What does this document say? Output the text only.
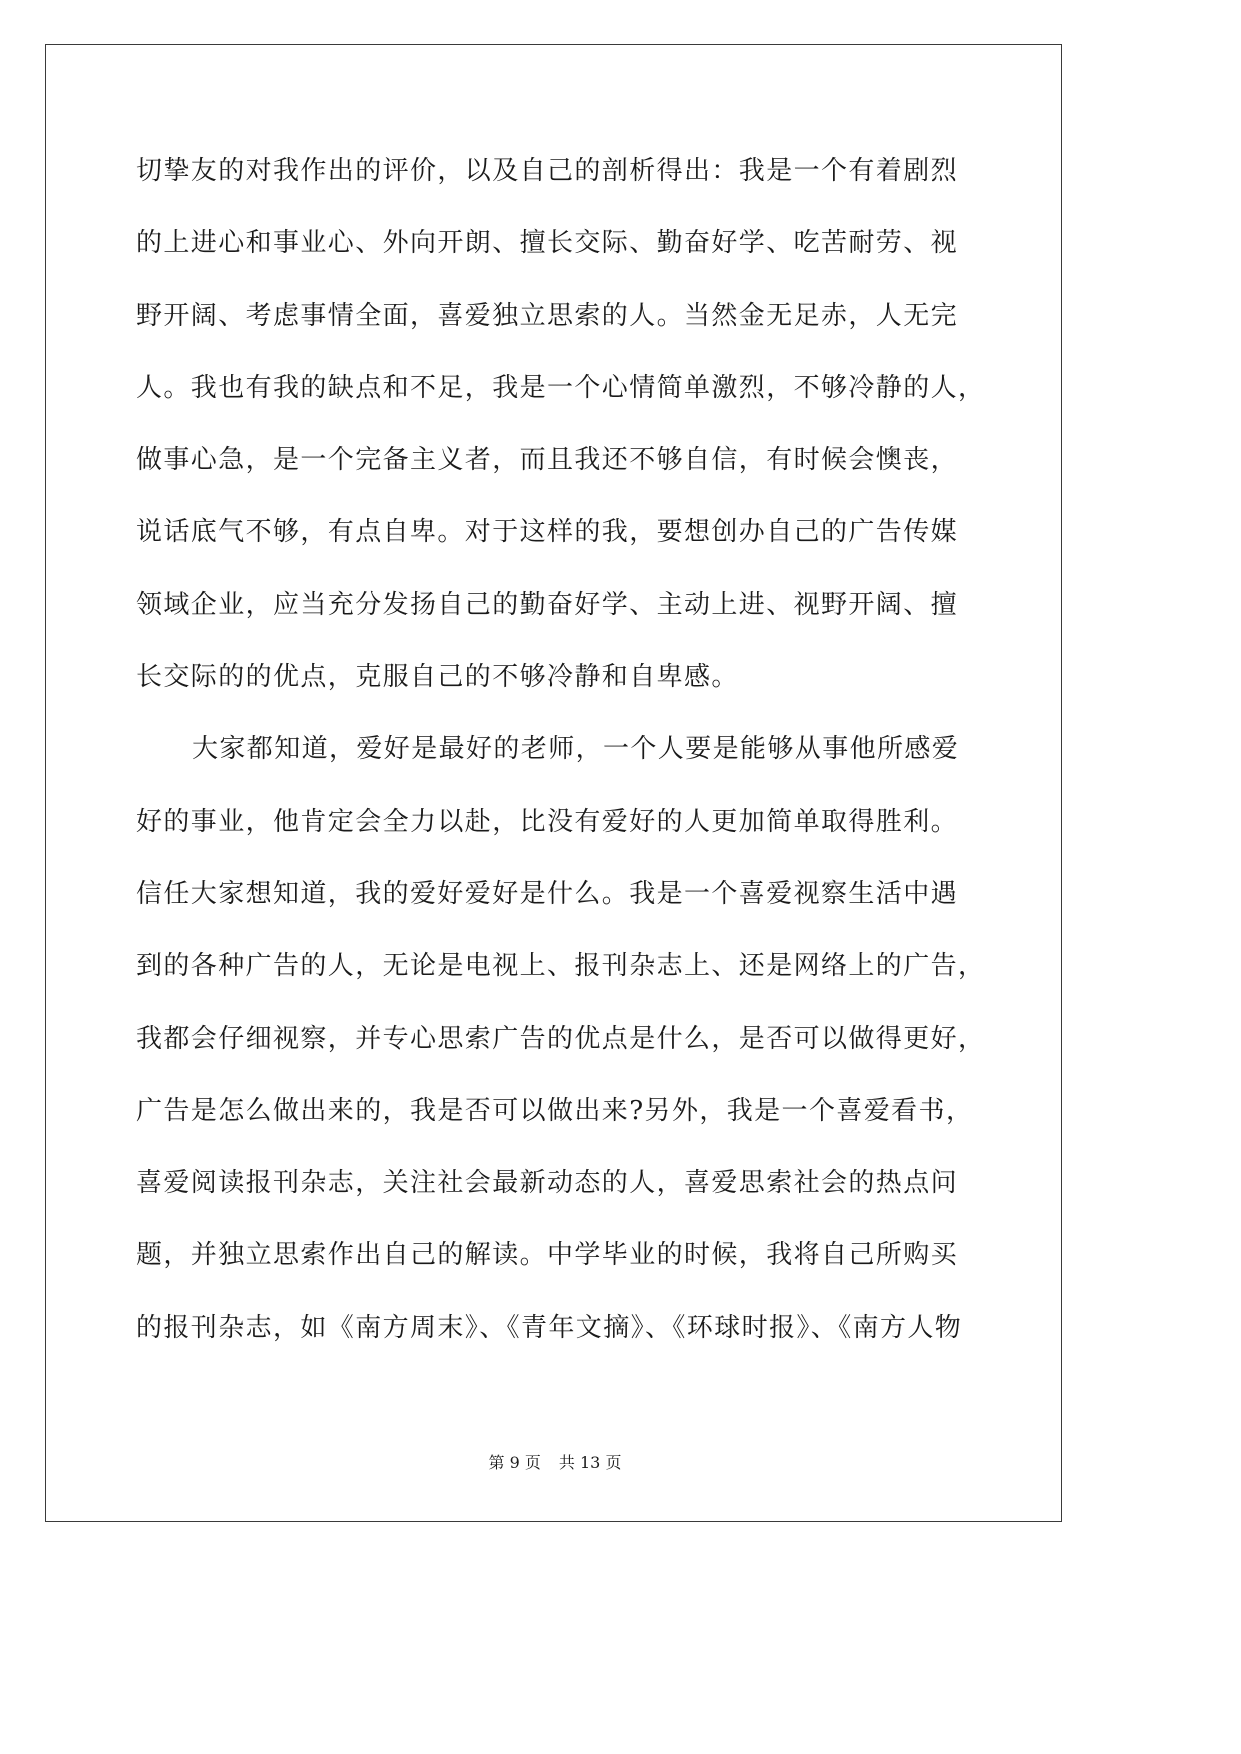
切挚友的对我作出的评价，以及自己的剖析得出：我是一个有着剧烈
的上进心和事业心、外向开朗、擅长交际、勤奋好学、吃苦耐劳、视
野开阔、考虑事情全面，喜爱独立思索的人。当然金无足赤，人无完
人。我也有我的缺点和不足，我是一个心情简单激烈，不够冷静的人，
做事心急，是一个完备主义者，而且我还不够自信，有时候会懊丧，
说话底气不够，有点自卑。对于这样的我，要想创办自己的广告传媒
领域企业，应当充分发扬自己的勤奋好学、主动上进、视野开阔、擅
长交际的的优点，克服自己的不够冷静和自卑感。
大家都知道，爱好是最好的老师，一个人要是能够从事他所感爱
好的事业，他肯定会全力以赴，比没有爱好的人更加简单取得胜利。
信任大家想知道，我的爱好爱好是什么。我是一个喜爱视察生活中遇
到的各种广告的人，无论是电视上、报刊杂志上、还是网络上的广告，
我都会仔细视察，并专心思索广告的优点是什么，是否可以做得更好，
广告是怎么做出来的，我是否可以做出来?另外，我是一个喜爱看书，
喜爱阅读报刊杂志，关注社会最新动态的人，喜爱思索社会的热点问
题，并独立思索作出自己的解读。中学毕业的时候，我将自己所购买
的报刊杂志，如《南方周末》、《青年文摘》、《环球时报》、《南方人物
第 9 页 共 13 页
